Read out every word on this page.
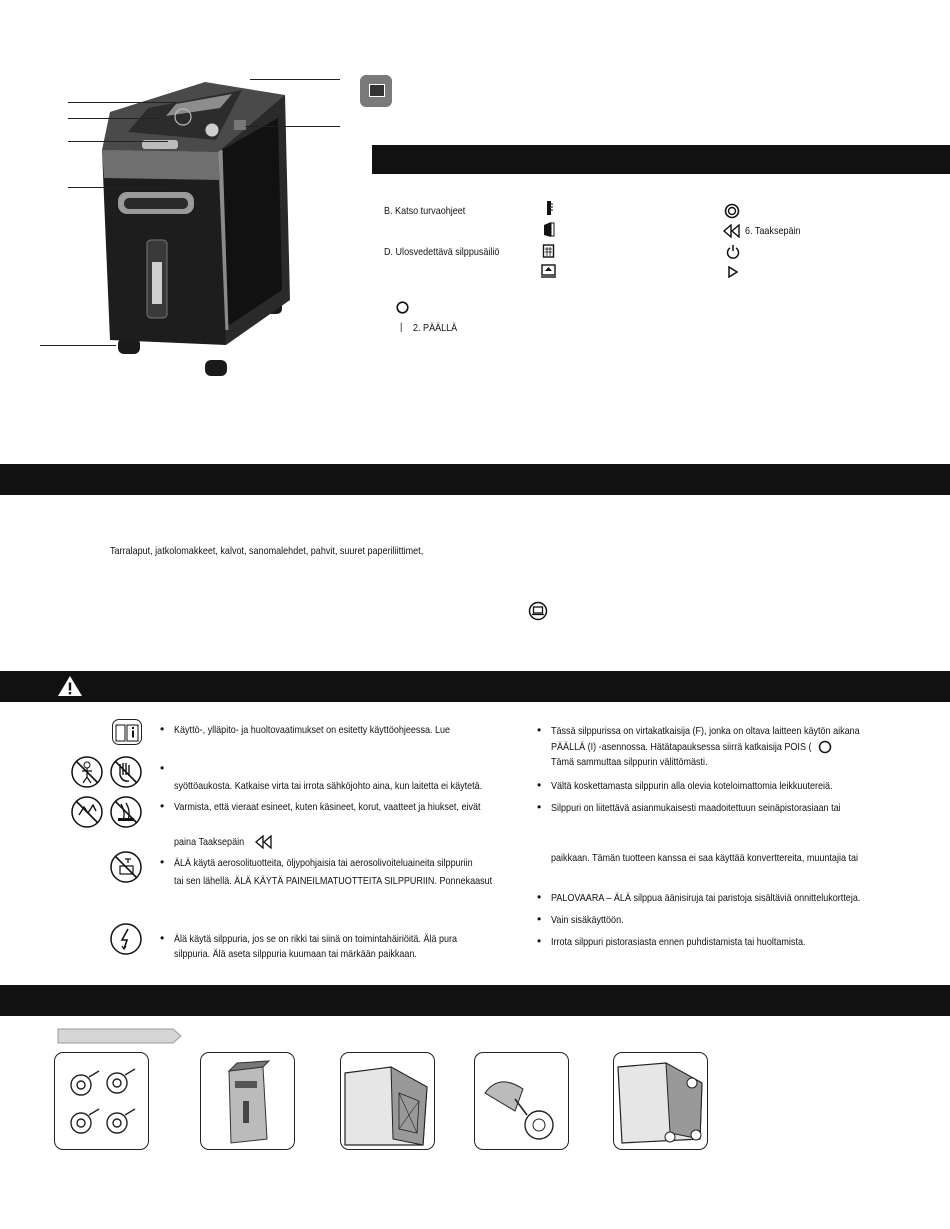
B. Katso turvaohjeet
D. Ulosvedettävä silppusäiliö
6. Taaksepäin
| 2. PÄÄLLÄ
Tarralaput, jatkolomakkeet, kalvot, sanomalehdet, pahvit, suuret paperiliittimet,
• Käyttö-, ylläpito- ja huoltovaatimukset on esitetty käyttöohjeessa. Lue
•
syöttöaukosta. Katkaise virta tai irrota sähköjohto aina, kun laitetta ei käytetä.
• Varmista, että vieraat esineet, kuten käsineet, korut, vaatteet ja hiukset, eivät
paina Taaksepäin
• ÄLÄ käytä aerosolituotteita, öljypohjaisia tai aerosolivoiteluaineita silppuriin
tai sen lähellä. ÄLÄ KÄYTÄ PAINEILMATUOTTEITA SILPPURIIN. Ponnekaasut
• Älä käytä silppuria, jos se on rikki tai siinä on toimintahäiriöitä. Älä pura
silppuria. Älä aseta silppuria kuumaan tai märkään paikkaan.
• Tässä silppurissa on virtakatkaisija (F), jonka on oltava laitteen käytön aikana
PÄÄLLÄ (I) -asennossa. Hätätapauksessa siirrä katkaisija POIS (
Tämä sammuttaa silppurin välittömästi.
• Vältä koskettamasta silppurin alla olevia koteloimattomia leikkuutereiä.
• Silppuri on liitettävä asianmukaisesti maadoitettuun seinäpistorasiaan tai
paikkaan. Tämän tuotteen kanssa ei saa käyttää konverttereita, muuntajia tai
• PALOVAARA – ÄLÄ silppua äänisiruja tai paristoja sisältäviä onnittelukortteja.
• Vain sisäkäyttöön.
• Irrota silppuri pistorasiasta ennen puhdistamista tai huoltamista.
